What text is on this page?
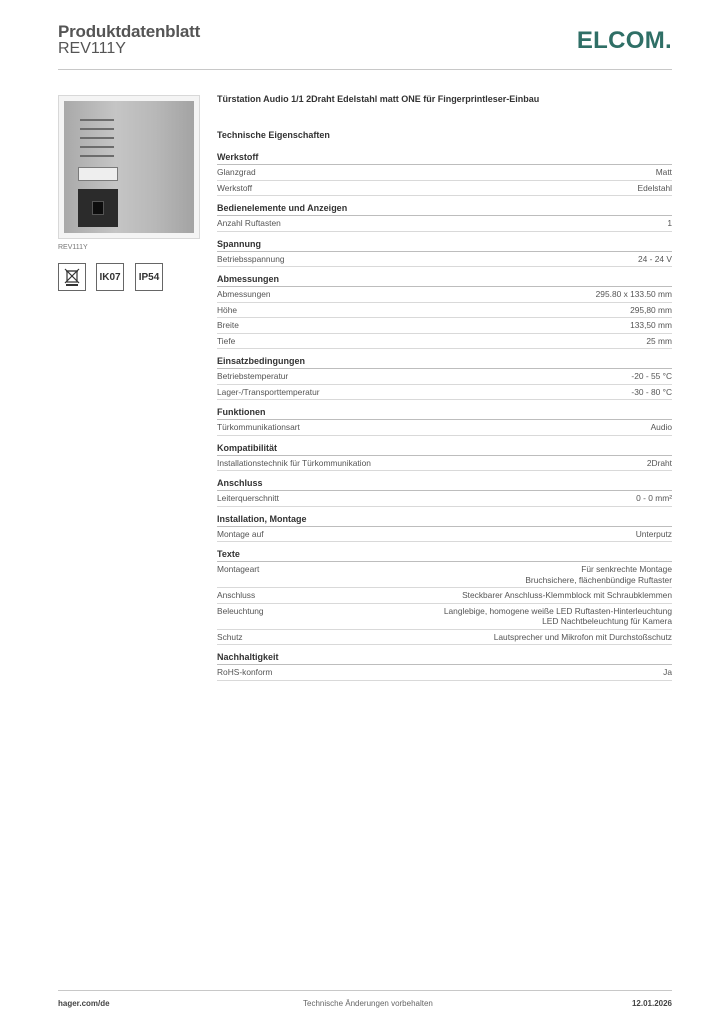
Produktdatenblatt
REV111Y	ELCOM.
REV111Y
IK07	IP54
Türstation Audio 1/1 2Draht Edelstahl matt ONE für Fingerprintleser-Einbau
Technische Eigenschaften
Werkstoff
Glanzgrad	Matt
Werkstoff	Edelstahl
Bedienelemente und Anzeigen
Anzahl Ruftasten	1
Spannung
Betriebsspannung	24 - 24 V
Abmessungen
Abmessungen	295.80 x 133.50 mm
Höhe	295,80 mm
Breite	133,50 mm
Tiefe	25 mm
Einsatzbedingungen
Betriebstemperatur	-20 - 55 °C
Lager-/Transporttemperatur	-30 - 80 °C
Funktionen
Türkommunikationsart	Audio
Kompatibilität
Installationstechnik für Türkommunikation	2Draht
Anschluss
Leiterquerschnitt	0 - 0 mm²
Installation, Montage
Montage auf	Unterputz
Texte
Montageart	Für senkrechte Montage
Bruchsichere, flächenbündige Ruftaster
Anschluss	Steckbarer Anschluss-Klemmblock mit Schraubklemmen
Beleuchtung	Langlebige, homogene weiße LED Ruftasten-Hinterleuchtung
LED Nachtbeleuchtung für Kamera
Schutz	Lautsprecher und Mikrofon mit Durchstoßschutz
Nachhaltigkeit
RoHS-konform	Ja
hager.com/de	Technische Änderungen vorbehalten	12.01.2026
